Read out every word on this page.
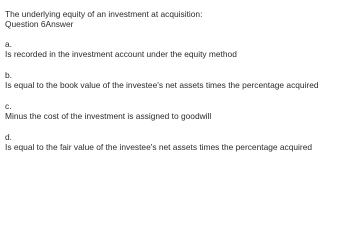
The underlying equity of an investment at acquisition:
Question 6Answer
a.
Is recorded in the investment account under the equity method
b.
Is equal to the book value of the investee's net assets times the percentage acquired
c.
Minus the cost of the investment is assigned to goodwill
d.
Is equal to the fair value of the investee's net assets times the percentage acquired
